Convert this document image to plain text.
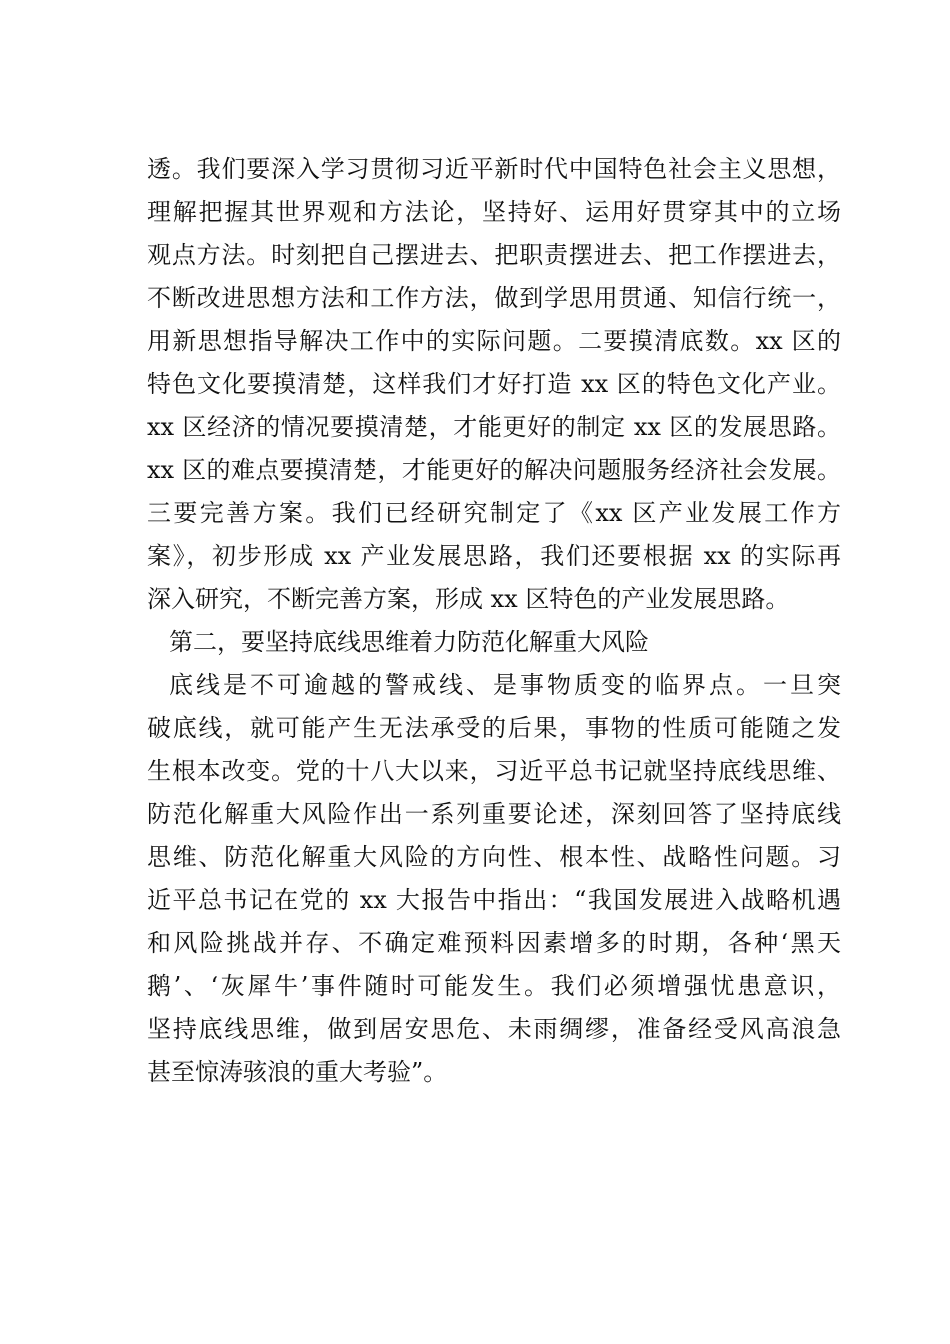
透。我们要深入学习贯彻习近平新时代中国特色社会主义思想，
理解把握其世界观和方法论，坚持好、运用好贯穿其中的立场
观点方法。时刻把自己摆进去、把职责摆进去、把工作摆进去，
不断改进思想方法和工作方法，做到学思用贯通、知信行统一，
用新思想指导解决工作中的实际问题。二要摸清底数。xx 区的
特色文化要摸清楚，这样我们才好打造 xx 区的特色文化产业。
xx 区经济的情况要摸清楚，才能更好的制定 xx 区的发展思路。
xx 区的难点要摸清楚，才能更好的解决问题服务经济社会发展。
三要完善方案。我们已经研究制定了《xx 区产业发展工作方
案》，初步形成 xx 产业发展思路，我们还要根据 xx 的实际再
深入研究，不断完善方案，形成 xx 区特色的产业发展思路。
第二，要坚持底线思维着力防范化解重大风险
底线是不可逾越的警戒线、是事物质变的临界点。一旦突
破底线，就可能产生无法承受的后果，事物的性质可能随之发
生根本改变。党的十八大以来，习近平总书记就坚持底线思维、
防范化解重大风险作出一系列重要论述，深刻回答了坚持底线
思维、防范化解重大风险的方向性、根本性、战略性问题。习
近平总书记在党的 xx 大报告中指出：“我国发展进入战略机遇
和风险挑战并存、不确定难预料因素增多的时期，各种‘黑天
鹅’、‘灰犀牛’事件随时可能发生。我们必须增强忧患意识，
坚持底线思维，做到居安思危、未雨绸缪，准备经受风高浪急
甚至惊涛骇浪的重大考验”。
